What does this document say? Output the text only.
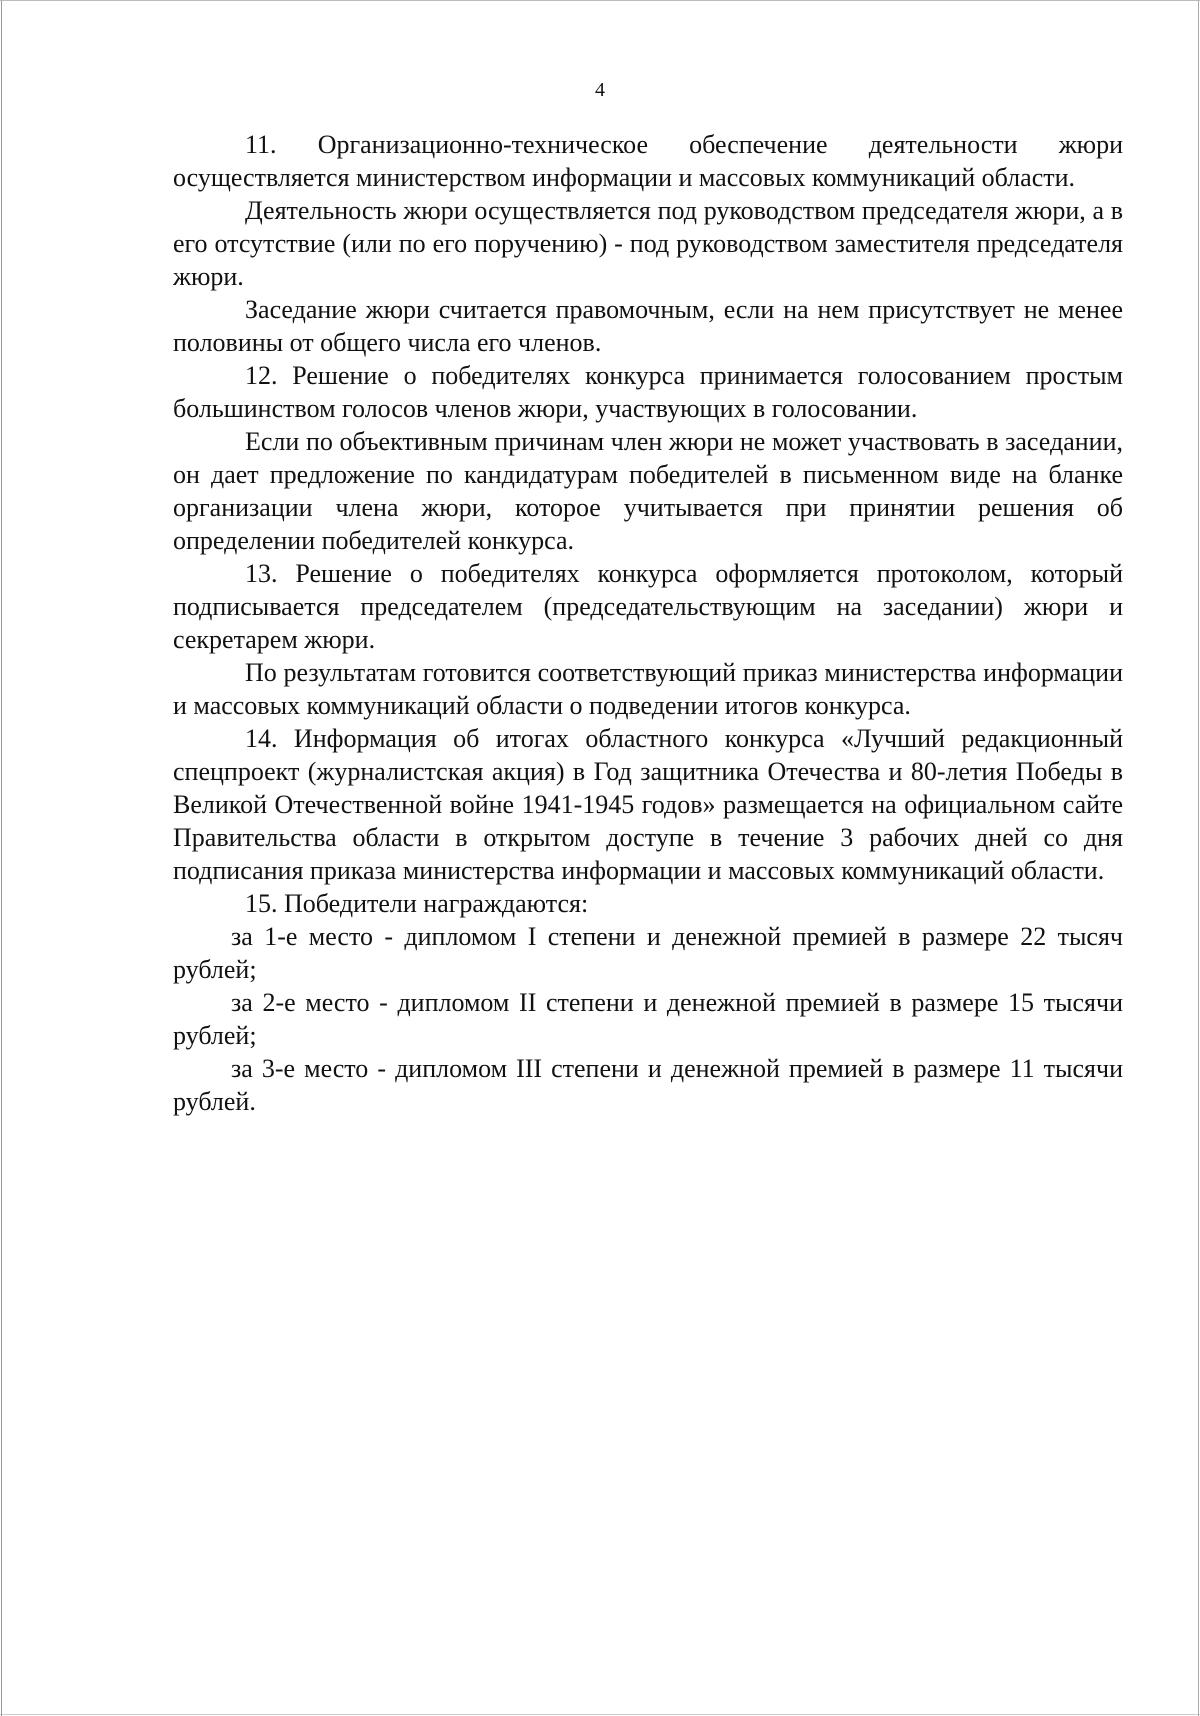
4

11. Организационно-техническое обеспечение деятельности жюри осуществляется министерством информации и массовых коммуникаций области.

Деятельность жюри осуществляется под руководством председателя жюри, а в его отсутствие (или по его поручению) - под руководством заместителя председателя жюри.

Заседание жюри считается правомочным, если на нем присутствует не менее половины от общего числа его членов.

12. Решение о победителях конкурса принимается голосованием простым большинством голосов членов жюри, участвующих в голосовании.

Если по объективным причинам член жюри не может участвовать в заседании, он дает предложение по кандидатурам победителей в письменном виде на бланке организации члена жюри, которое учитывается при принятии решения об определении победителей конкурса.

13. Решение о победителях конкурса оформляется протоколом, который подписывается председателем (председательствующим на заседании) жюри и секретарем жюри.

По результатам готовится соответствующий приказ министерства информации и массовых коммуникаций области о подведении итогов конкурса.

14. Информация об итогах областного конкурса «Лучший редакционный спецпроект (журналистская акция) в Год защитника Отечества и 80-летия Победы в Великой Отечественной войне 1941-1945 годов» размещается на официальном сайте Правительства области в открытом доступе в течение 3 рабочих дней со дня подписания приказа министерства информации и массовых коммуникаций области.

15. Победители награждаются:

за 1-е место - дипломом I степени и денежной премией в размере 22 тысяч рублей;

за 2-е место - дипломом II степени и денежной премией в размере 15 тысячи рублей;

за 3-е место - дипломом III степени и денежной премией в размере 11 тысячи рублей.
